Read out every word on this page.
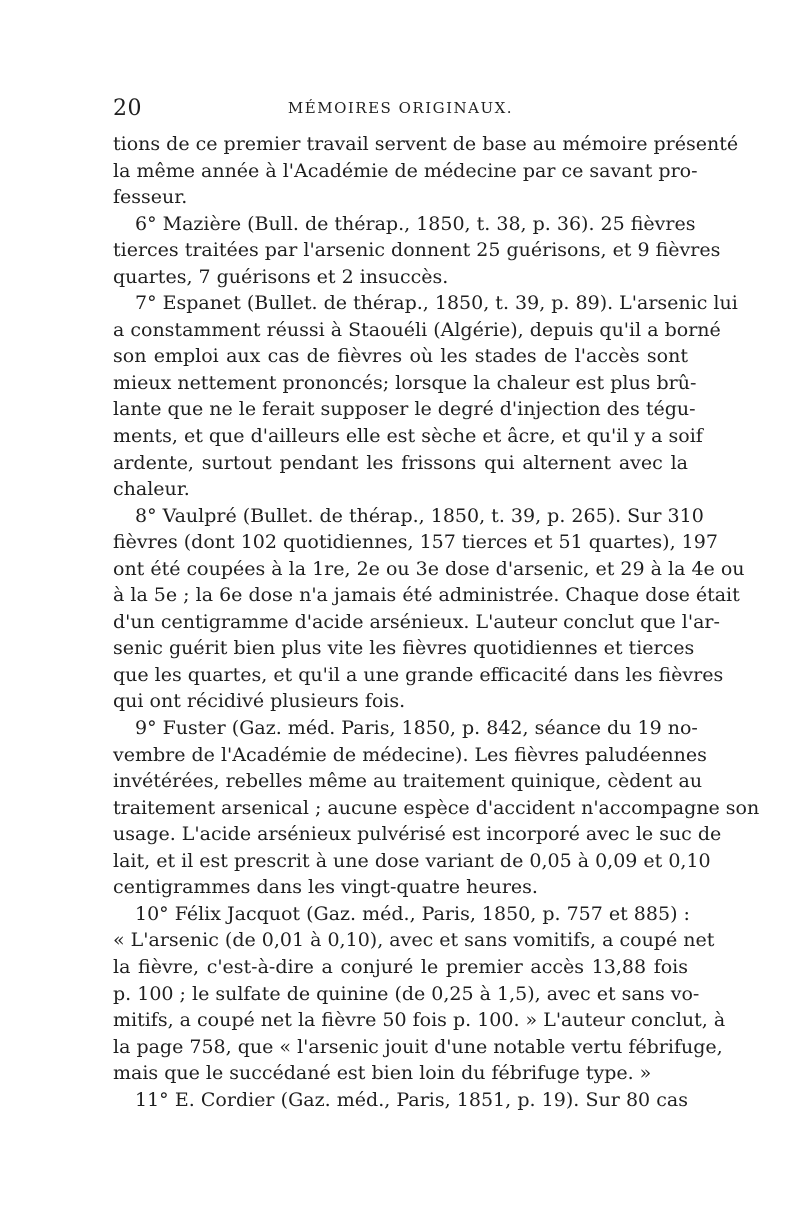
20	MÉMOIRES ORIGINAUX.
tions de ce premier travail servent de base au mémoire présenté
la même année à l'Académie de médecine par ce savant pro-
fesseur.
6° Mazière (Bull. de thérap., 1850, t. 38, p. 36). 25 fièvres
tierces traitées par l'arsenic donnent 25 guérisons, et 9 fièvres
quartes, 7 guérisons et 2 insuccès.
7° Espanet (Bullet. de thérap., 1850, t. 39, p. 89). L'arsenic lui
a constamment réussi à Staouéli (Algérie), depuis qu'il a borné
son emploi aux cas de fièvres où les stades de l'accès sont
mieux nettement prononcés; lorsque la chaleur est plus brû-
lante que ne le ferait supposer le degré d'injection des tégu-
ments, et que d'ailleurs elle est sèche et âcre, et qu'il y a soif
ardente, surtout pendant les frissons qui alternent avec la
chaleur.
8° Vaulpré (Bullet. de thérap., 1850, t. 39, p. 265). Sur 310
fièvres (dont 102 quotidiennes, 157 tierces et 51 quartes), 197
ont été coupées à la 1re, 2e ou 3e dose d'arsenic, et 29 à la 4e ou
à la 5e ; la 6e dose n'a jamais été administrée. Chaque dose était
d'un centigramme d'acide arsénieux. L'auteur conclut que l'ar-
senic guérit bien plus vite les fièvres quotidiennes et tierces
que les quartes, et qu'il a une grande efficacité dans les fièvres
qui ont récidivé plusieurs fois.
9° Fuster (Gaz. méd. Paris, 1850, p. 842, séance du 19 no-
vembre de l'Académie de médecine). Les fièvres paludéennes
invétérées, rebelles même au traitement quinique, cèdent au
traitement arsenical ; aucune espèce d'accident n'accompagne son
usage. L'acide arsénieux pulvérisé est incorporé avec le suc de
lait, et il est prescrit à une dose variant de 0,05 à 0,09 et 0,10
centigrammes dans les vingt-quatre heures.
10° Félix Jacquot (Gaz. méd., Paris, 1850, p. 757 et 885) :
« L'arsenic (de 0,01 à 0,10), avec et sans vomitifs, a coupé net
la fièvre, c'est-à-dire a conjuré le premier accès 13,88 fois
p. 100 ; le sulfate de quinine (de 0,25 à 1,5), avec et sans vo-
mitifs, a coupé net la fièvre 50 fois p. 100. » L'auteur conclut, à
la page 758, que « l'arsenic jouit d'une notable vertu fébrifuge,
mais que le succédané est bien loin du fébrifuge type. »
11° E. Cordier (Gaz. méd., Paris, 1851, p. 19). Sur 80 cas
